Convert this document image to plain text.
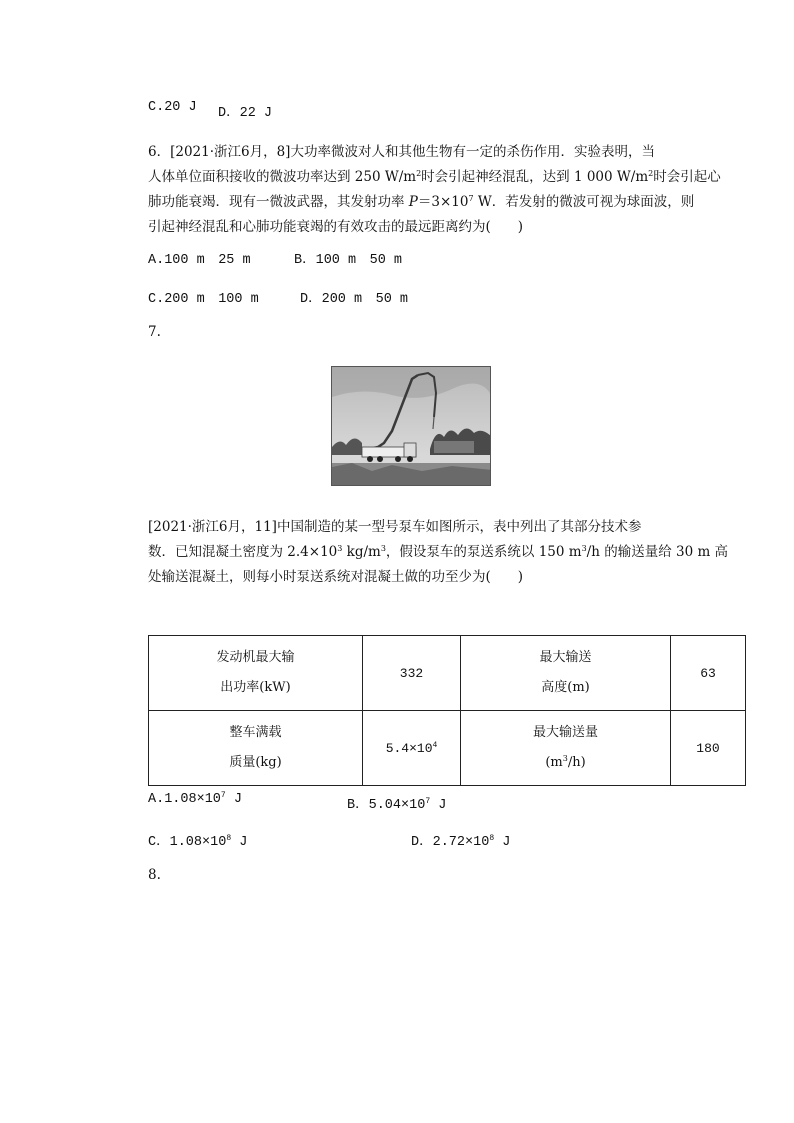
C.20 J D．22 J
6．[2021·浙江6月，8]大功率微波对人和其他生物有一定的杀伤作用．实验表明，当
人体单位面积接收的微波功率达到 250 $W/m^2$时会引起神经混乱，达到 1 000 $W/m^2$时会引起心
肺功能衰竭．现有一微波武器，其发射功率 $P=3\times 10^7$ W．若发射的微波可视为球面波，则
引起神经混乱和心肺功能衰竭的有效攻击的最远距离约为(　　)
A.100 m　25 m	B．100 m　50 m
C.200 m　100 m	D．200 m　50 m
7.
[2021·浙江6月，11]中国制造的某一型号泵车如图所示，表中列出了其部分技术参
数．已知混凝土密度为 $2.4\times 10^3$ $kg/m^3$，假设泵车的泵送系统以 150 $m^3/h$ 的输送量给 30 m 高
处输送混凝土，则每小时泵送系统对混凝土做的功至少为(　　)
发动机最大输
出功率(kW)	332	最大输送
高度(m)	63

整车满载
质量(kg)	$5.4\times 10^4$	最大输送量
$(m^3/h)$	180
$A.1.08\times 10^7$ J	B．$5.04\times 10^7$ J
C．$1.08\times 10^8$ J	D．$2.72\times 10^8$ J
8.
